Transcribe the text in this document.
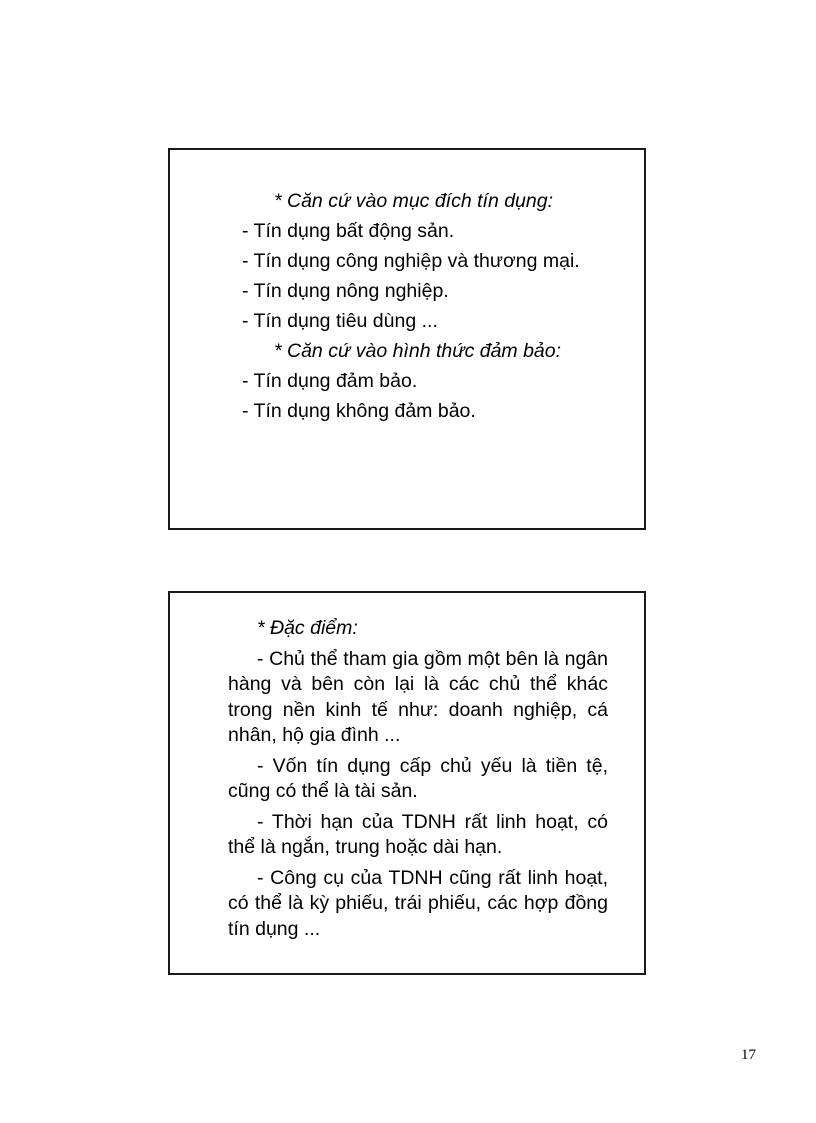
* Căn cứ vào mục đích tín dụng:
- Tín dụng bất động sản.
- Tín dụng công nghiệp và thương mại.
- Tín dụng nông nghiệp.
- Tín dụng tiêu dùng ...
* Căn cứ vào hình thức đảm bảo:
- Tín dụng đảm bảo.
- Tín dụng không đảm bảo.
* Đặc điểm:
- Chủ thể tham gia gồm một bên là ngân hàng và bên còn lại là các chủ thể khác trong nền kinh tế như: doanh nghiệp, cá nhân, hộ gia đình ...
- Vốn tín dụng cấp chủ yếu là tiền tệ, cũng có thể là tài sản.
- Thời hạn của TDNH rất linh hoạt, có thể là ngắn, trung hoặc dài hạn.
- Công cụ của TDNH cũng rất linh hoạt, có thể là kỳ phiếu, trái phiếu, các hợp đồng tín dụng ...
17
